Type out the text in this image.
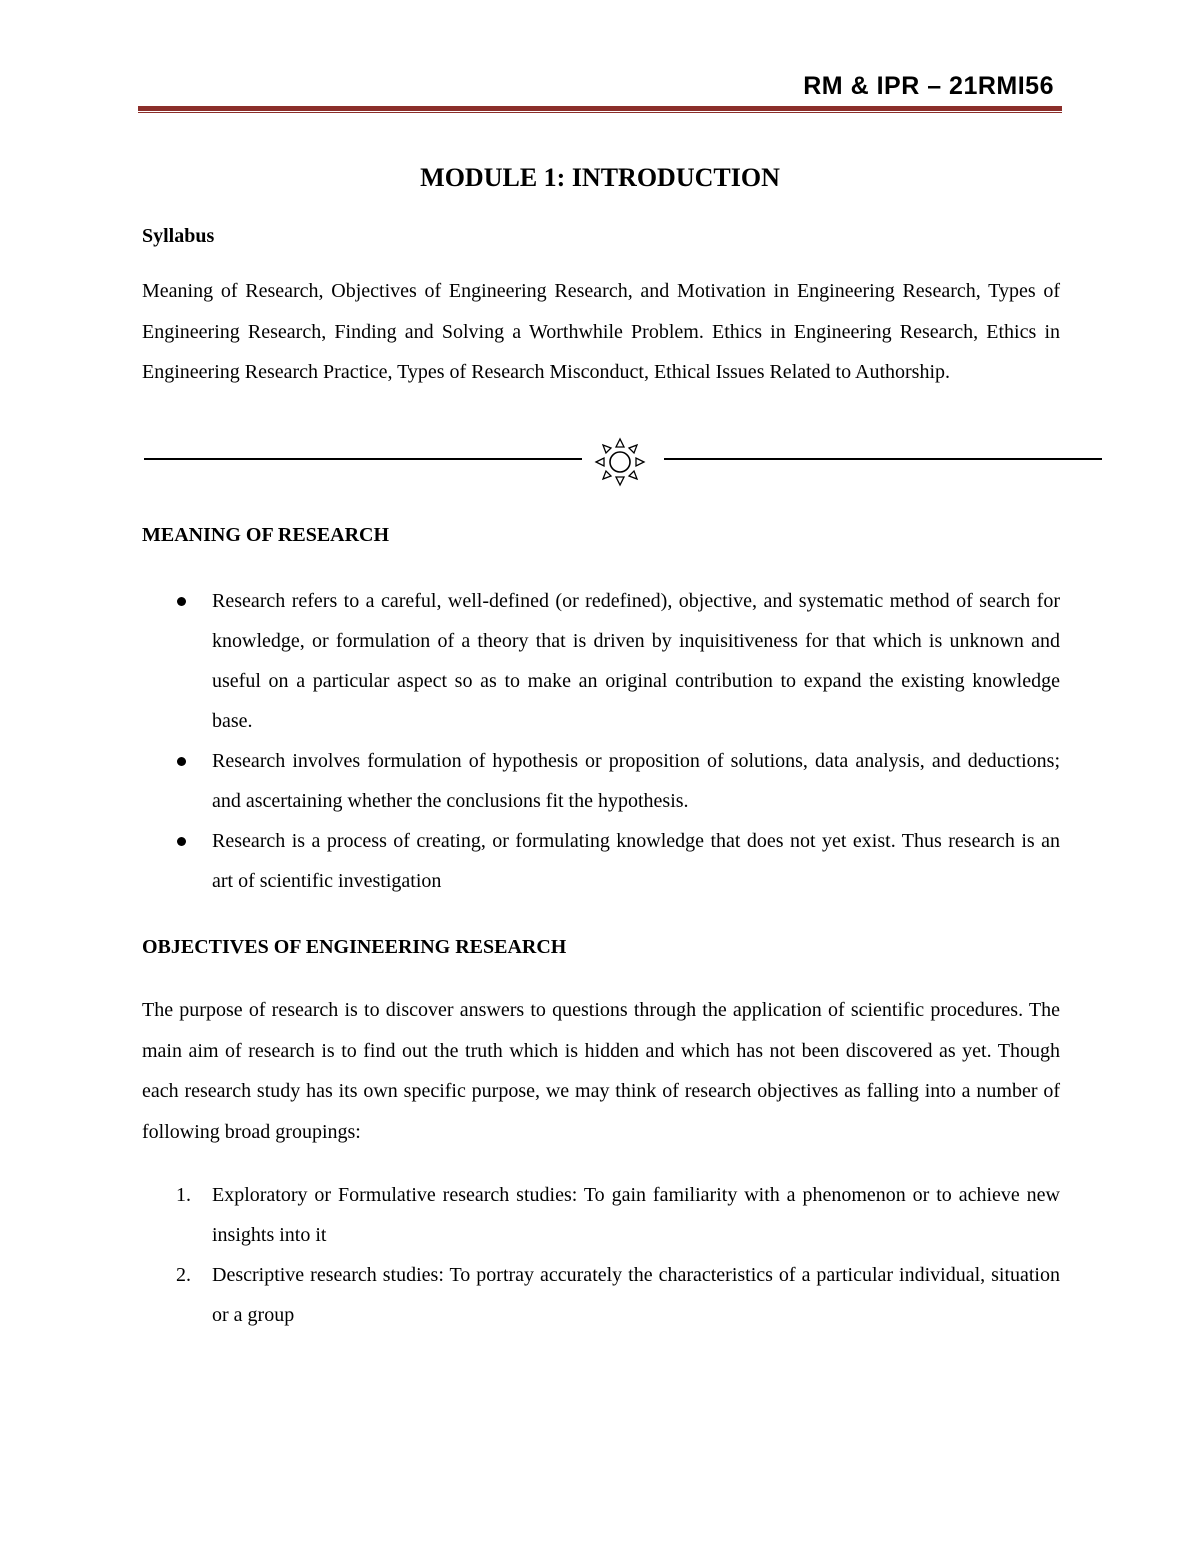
RM & IPR – 21RMI56
MODULE 1: INTRODUCTION
Syllabus
Meaning of Research, Objectives of Engineering Research, and Motivation in Engineering Research, Types of Engineering Research, Finding and Solving a Worthwhile Problem. Ethics in Engineering Research, Ethics in Engineering Research Practice, Types of Research Misconduct, Ethical Issues Related to Authorship.
MEANING OF RESEARCH
Research refers to a careful, well-defined (or redefined), objective, and systematic method of search for knowledge, or formulation of a theory that is driven by inquisitiveness for that which is unknown and useful on a particular aspect so as to make an original contribution to expand the existing knowledge base.
Research involves formulation of hypothesis or proposition of solutions, data analysis, and deductions; and ascertaining whether the conclusions fit the hypothesis.
Research is a process of creating, or formulating knowledge that does not yet exist. Thus research is an art of scientific investigation
OBJECTIVES OF ENGINEERING RESEARCH
The purpose of research is to discover answers to questions through the application of scientific procedures. The main aim of research is to find out the truth which is hidden and which has not been discovered as yet. Though each research study has its own specific purpose, we may think of research objectives as falling into a number of following broad groupings:
1. Exploratory or Formulative research studies: To gain familiarity with a phenomenon or to achieve new insights into it
2. Descriptive research studies: To portray accurately the characteristics of a particular individual, situation or a group
